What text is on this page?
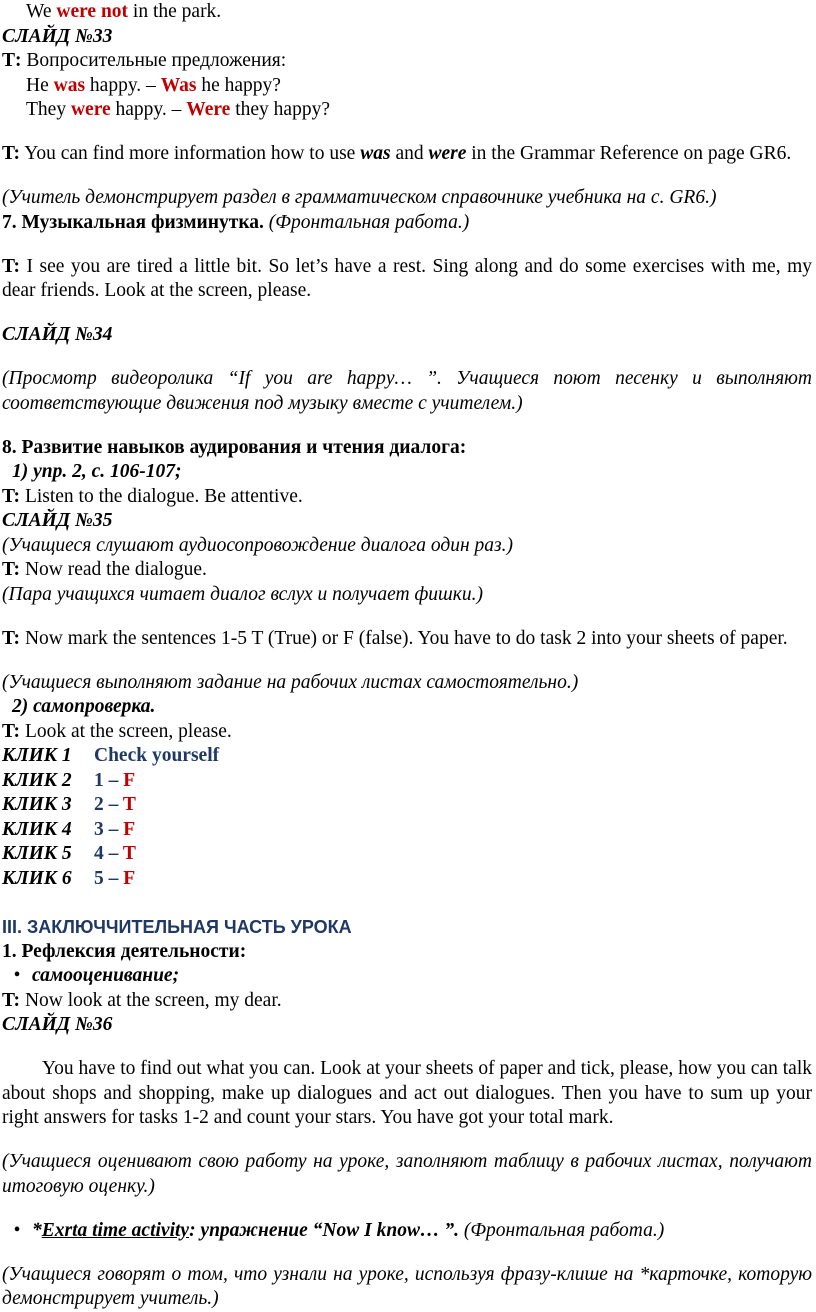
We were not in the park.

СЛАЙД №33

Т: Вопросительные предложения:

He was happy. – Was he happy?

They were happy. – Were they happy?

T: You can find more information how to use was and were in the Grammar Reference on page GR6.

(Учитель демонстрирует раздел в грамматическом справочнике учебника на с. GR6.)

7. Музыкальная физминутка. (Фронтальная работа.)

T: I see you are tired a little bit. So let’s have a rest. Sing along and do some exercises with me, my dear friends. Look at the screen, please.

СЛАЙД №34

(Просмотр видеоролика “If you are happy… ”. Учащиеся поют песенку и выполняют соответствующие движения под музыку вместе с учителем.)

8. Развитие навыков аудирования и чтения диалога:

1) упр. 2, с. 106-107;

T: Listen to the dialogue. Be attentive.

СЛАЙД №35

(Учащиеся слушают аудиосопровождение диалога один раз.)

T: Now read the dialogue.

(Пара учащихся читает диалог вслух и получает фишки.)

T: Now mark the sentences 1-5 T (True) or F (false). You have to do task 2 into your sheets of paper.

(Учащиеся выполняют задание на рабочих листах самостоятельно.)

2) самопроверка.

T: Look at the screen, please.

КЛИК 1 Check yourself

КЛИК 2 1 – F

КЛИК 3 2 – T

КЛИК 4 3 – F

КЛИК 5 4 – T

КЛИК 6 5 – F

III. ЗАКЛЮЧЧИТЕЛЬНАЯ ЧАСТЬ УРОКА

1. Рефлексия деятельности:

• самооценивание;

T: Now look at the screen, my dear.

СЛАЙД №36

You have to find out what you can. Look at your sheets of paper and tick, please, how you can talk about shops and shopping, make up dialogues and act out dialogues. Then you have to sum up your right answers for tasks 1-2 and count your stars. You have got your total mark.

(Учащиеся оценивают свою работу на уроке, заполняют таблицу в рабочих листах, получают итоговую оценку.)

• *Exrta time activity: упражнение “Now I know… ”. (Фронтальная работа.)

(Учащиеся говорят о том, что узнали на уроке, используя фразу-клише на *карточке, которую демонстрирует учитель.)
